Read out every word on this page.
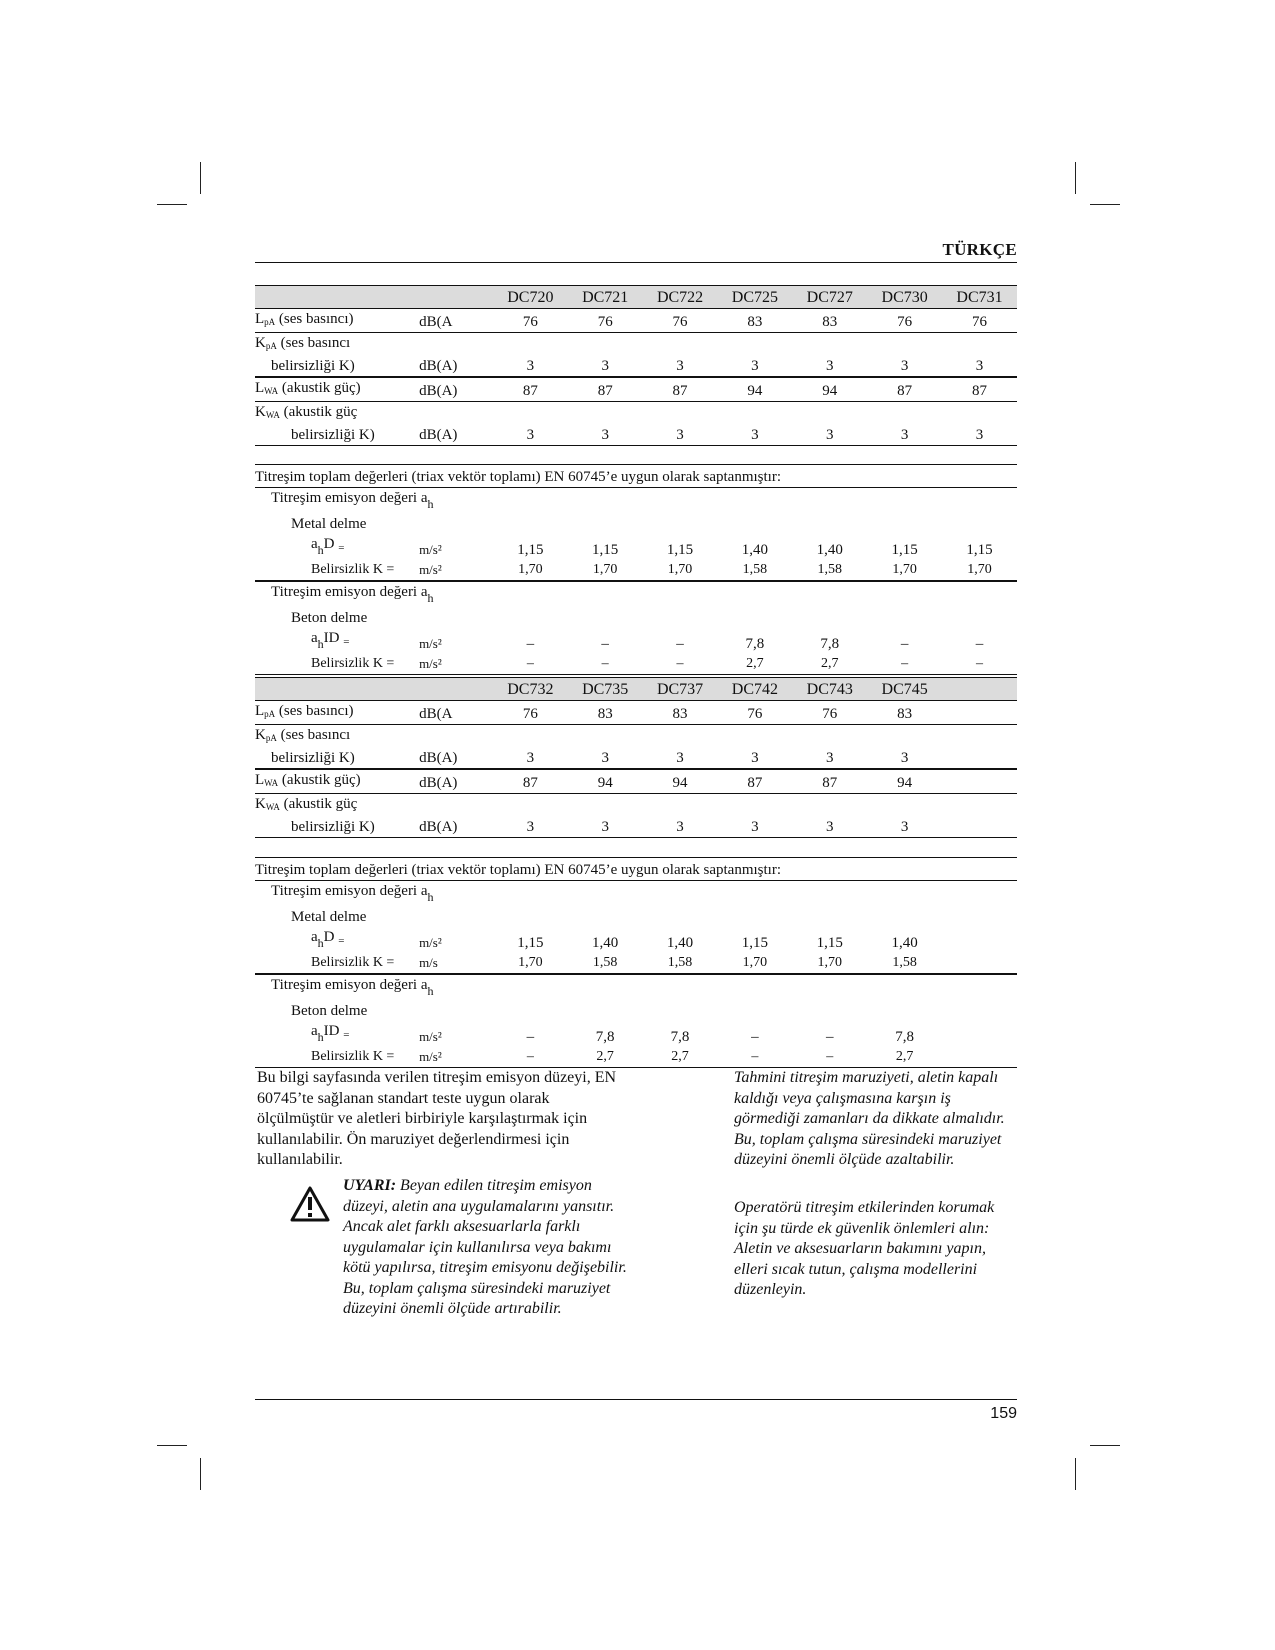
TÜRKÇE
		DC720	DC721	DC722	DC725	DC727	DC730	DC731
$L_{pA}$ (ses basıncı)	dB(A	76	76	76	83	83	76	76
$K_{pA}$ (ses basıncı								
belirsizliği K)	dB(A)	3	3	3	3	3	3	3
$L_{WA}$ (akustik güç)	dB(A)	87	87	87	94	94	87	87
$K_{WA}$ (akustik güç								
belirsizliği K)	dB(A)	3	3	3	3	3	3	3
Titreşim toplam değerleri (triax vektör toplamı) EN 60745’e uygun olarak saptanmıştır:								
Titreşim emisyon değeri $a_h$
Metal delme								
$a_hD$ $_=$	m/s²	1,15	1,15	1,15	1,40	1,40	1,15	1,15
Belirsizlik K =	m/s²	1,70	1,70	1,70	1,58	1,58	1,70	1,70
Titreşim emisyon değeri $a_h$
Beton delme								
$a_hID$ $_=$	m/s²	–	–	–	7,8	7,8	–	–
Belirsizlik K =	m/s²	–	–	–	2,7	2,7	–	–
		DC732	DC735	DC737	DC742	DC743	DC745	
$L_{pA}$ (ses basıncı)	dB(A	76	83	83	76	76	83	
$K_{pA}$ (ses basıncı								
belirsizliği K)	dB(A)	3	3	3	3	3	3	
$L_{WA}$ (akustik güç)	dB(A)	87	94	94	87	87	94	
$K_{WA}$ (akustik güç								
belirsizliği K)	dB(A)	3	3	3	3	3	3	
Titreşim toplam değerleri (triax vektör toplamı) EN 60745’e uygun olarak saptanmıştır:								
Titreşim emisyon değeri $a_h$
Metal delme								
$a_hD$ $_=$	m/s²	1,15	1,40	1,40	1,15	1,15	1,40	
Belirsizlik K =	m/s	1,70	1,58	1,58	1,70	1,70	1,58	
Titreşim emisyon değeri $a_h$
Beton delme								
$a_hID$ $_=$	m/s²	–	7,8	7,8	–	–	7,8	
Belirsizlik K =	m/s²	–	2,7	2,7	–	–	2,7	
Bu bilgi sayfasında verilen titreşim emisyon düzeyi, EN 60745’te sağlanan standart teste uygun olarak ölçülmüştür ve aletleri birbiriyle karşılaştırmak için kullanılabilir. Ön maruziyet değerlendirmesi için kullanılabilir.
UYARI: Beyan edilen titreşim emisyon düzeyi, aletin ana uygulamalarını yansıtır. Ancak alet farklı aksesuarlarla farklı uygulamalar için kullanılırsa veya bakımı kötü yapılırsa, titreşim emisyonu değişebilir. Bu, toplam çalışma süresindeki maruziyet düzeyini önemli ölçüde artırabilir.
Tahmini titreşim maruziyeti, aletin kapalı kaldığı veya çalışmasına karşın iş görmediği zamanları da dikkate almalıdır. Bu, toplam çalışma süresindeki maruziyet düzeyini önemli ölçüde azaltabilir.
Operatörü titreşim etkilerinden korumak için şu türde ek güvenlik önlemleri alın: Aletin ve aksesuarların bakımını yapın, elleri sıcak tutun, çalışma modellerini düzenleyin.
159
